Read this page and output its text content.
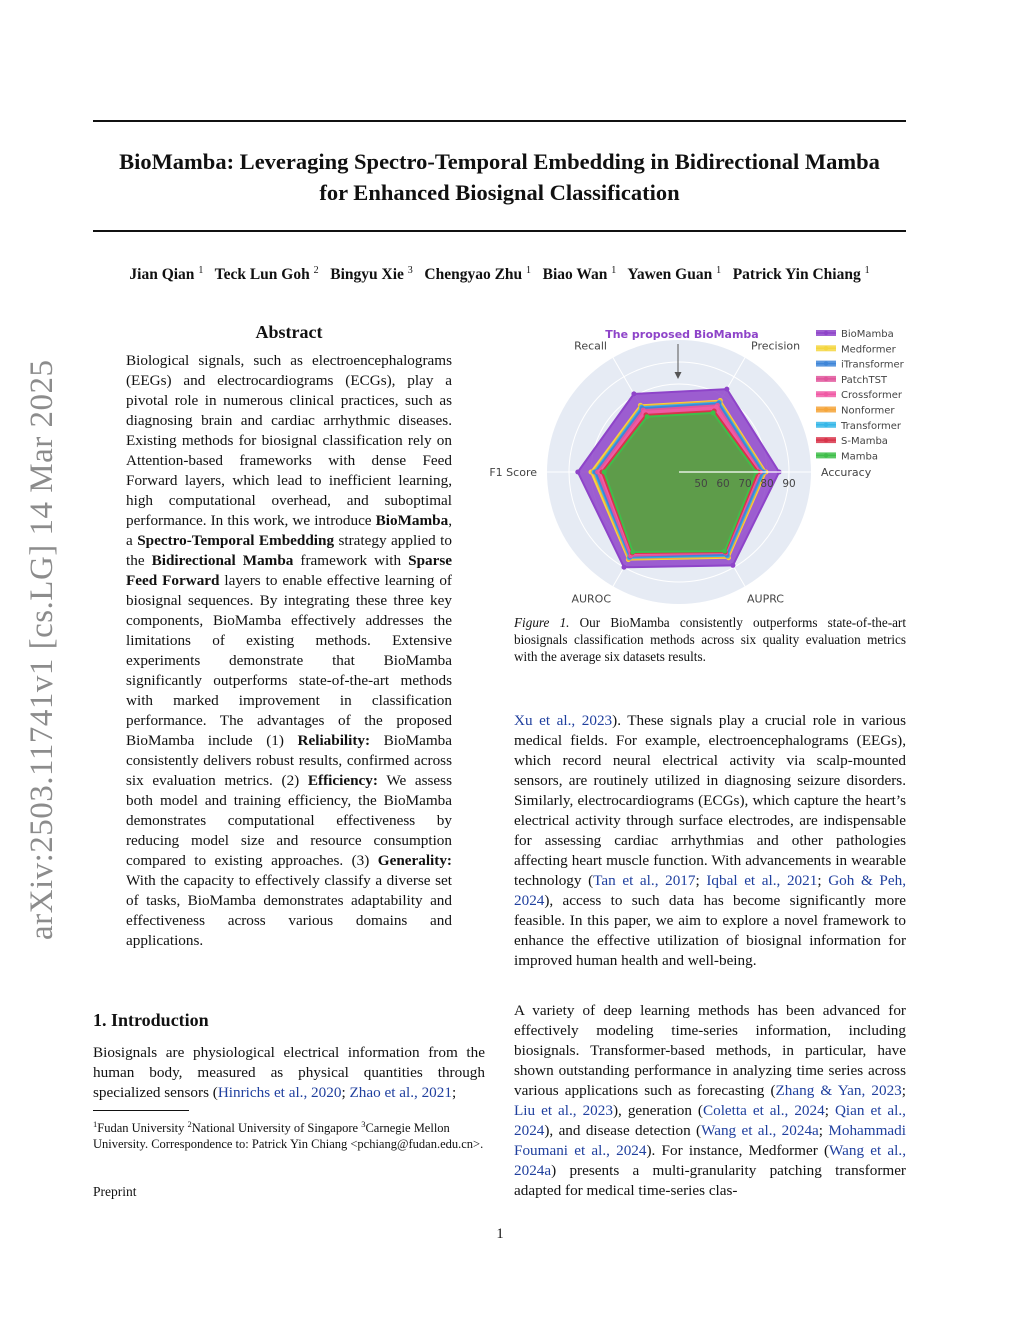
BioMamba: Leveraging Spectro-Temporal Embedding in Bidirectional Mamba
for Enhanced Biosignal Classification
Jian Qian $^1$ Teck Lun Goh $^2$ Bingyu Xie $^3$ Chengyao Zhu $^1$ Biao Wan $^1$ Yawen Guan $^1$ Patrick Yin Chiang $^1$
arXiv:2503.11741v1 [cs.LG] 14 Mar 2025
Abstract
Biological signals, such as electroencephalograms (EEGs) and electrocardiograms (ECGs), play a pivotal role in numerous clinical practices, such as diagnosing brain and cardiac arrhythmic diseases. Existing methods for biosignal classification rely on Attention-based frameworks with dense Feed Forward layers, which lead to inefficient learning, high computational overhead, and suboptimal performance. In this work, we introduce BioMamba, a Spectro-Temporal Embedding strategy applied to the Bidirectional Mamba framework with Sparse Feed Forward layers to enable effective learning of biosignal sequences. By integrating these three key components, BioMamba effectively addresses the limitations of existing methods. Extensive experiments demonstrate that BioMamba significantly outperforms state-of-the-art methods with marked improvement in classification performance. The advantages of the proposed BioMamba include (1) Reliability: BioMamba consistently delivers robust results, confirmed across six evaluation metrics. (2) Efficiency: We assess both model and training efficiency, the BioMamba demonstrates computational effectiveness by reducing model size and resource consumption compared to existing approaches. (3) Generality: With the capacity to effectively classify a diverse set of tasks, BioMamba demonstrates adaptability and effectiveness across various domains and applications.
1. Introduction
Biosignals are physiological electrical information from the human body, measured as physical quantities through specialized sensors (Hinrichs et al., 2020; Zhao et al., 2021;
$^1$Fudan University $^2$National University of Singapore $^3$Carnegie Mellon University. Correspondence to: Patrick Yin Chiang <pchiang@fudan.edu.cn>.
Preprint
1
50 60 70 80 90
Accuracy
Precision
Recall
F1 Score
AUROC	AUPRC
The proposed BioMamba	BioMamba
Medformer
iTransformer
PatchTST
Crossformer
Nonformer
Transformer
S-Mamba
Mamba
Figure 1. Our BioMamba consistently outperforms state-of-the-art biosignals classification methods across six quality evaluation metrics with the average six datasets results.
Xu et al., 2023). These signals play a crucial role in various medical fields. For example, electroencephalograms (EEGs), which record neural electrical activity via scalp-mounted sensors, are routinely utilized in diagnosing seizure disorders. Similarly, electrocardiograms (ECGs), which capture the heart’s electrical activity through surface electrodes, are indispensable for assessing cardiac arrhythmias and other pathologies affecting heart muscle function. With advancements in wearable technology (Tan et al., 2017; Iqbal et al., 2021; Goh & Peh, 2024), access to such data has become significantly more feasible. In this paper, we aim to explore a novel framework to enhance the effective utilization of biosignal information for improved human health and well-being.
A variety of deep learning methods has been advanced for effectively modeling time-series information, including biosignals. Transformer-based methods, in particular, have shown outstanding performance in analyzing time series across various applications such as forecasting (Zhang & Yan, 2023; Liu et al., 2023), generation (Coletta et al., 2024; Qian et al., 2024), and disease detection (Wang et al., 2024a; Mohammadi Foumani et al., 2024). For instance, Medformer (Wang et al., 2024a) presents a multi-granularity patching transformer adapted for medical time-series clas-
